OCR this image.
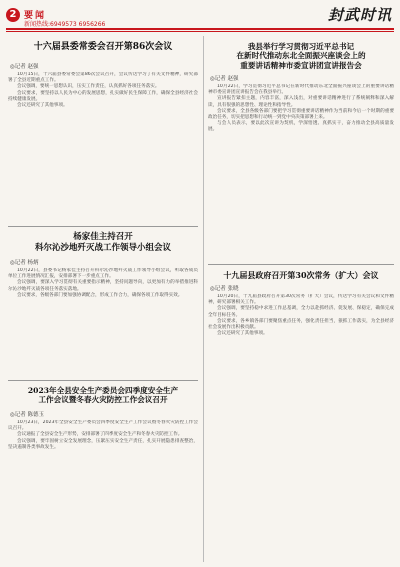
2 要闻
新闻热线:6949573 6956266
封武时讯
十六届县委常委会召开第86次会议
◎记者 赵强

10月15日，十六届县委常委会第86次会议召开，会议传达学习了有关文件精神，研究部署了全县近期重点工作。

会议强调，要统一思想认识，压实工作责任，认真抓好各项任务落实。

会议要求，要坚持以人民为中心的发展思想，扎实做好民生保障工作，确保全县经济社会持续健康发展。

会议还研究了其他事项。

杨家佳主持召开
科尔沁沙地歼灭战工作领导小组会议
◎记者 杨炳

10月22日，县委书记杨家佳主持召开科尔沁沙地歼灭战工作领导小组会议，听取各成员单位工作进展情况汇报，安排部署下一步重点工作。

会议强调，要深入学习贯彻有关重要指示精神，坚持问题导向，以更加有力的举措推进科尔沁沙地歼灭战各项任务落实落地。

会议要求，各级各部门要加强协调配合，形成工作合力，确保各项工作取得实效。

2023年全县安全生产委员会四季度安全生产
工作会议暨冬春火灾防控工作会议召开
◎记者 陈德玉

10月23日，2023年全县安全生产委员会四季度安全生产工作会议暨冬春火灾防控工作会议召开。

会议通报了全县安全生产形势，安排部署了四季度安全生产和冬春火灾防控工作。

会议强调，要牢固树立安全发展理念，压紧压实安全生产责任，扎实开展隐患排查整治，坚决遏制各类事故发生。

我县举行学习贯彻习近平总书记
在新时代推动东北全面振兴座谈会上的
重要讲话精神市委宣讲团宣讲报告会
◎记者 赵强

10月22日，学习贯彻习近平总书记在新时代推动东北全面振兴座谈会上的重要讲话精神市委宣讲团宣讲报告会在我县举行。

宣讲报告紧扣主题，内容丰富，深入浅出，对重要讲话精神进行了系统阐释和深入解读，具有很强的思想性、理论性和指导性。

会议要求，全县各级各部门要把学习贯彻重要讲话精神作为当前和今后一个时期的重要政治任务，切实把思想和行动统一到党中央决策部署上来。

与会人员表示，要以此次宣讲为契机，学深悟透、真抓实干，奋力推动全县高质量发展。

十九届县政府召开第30次常务（扩大）会议
◎记者 张晓

10月20日，十九届县政府召开第30次常务（扩大）会议，传达学习有关会议和文件精神，研究部署相关工作。

会议强调，要坚持稳中求进工作总基调，全力以赴抓经济、促发展、保稳定，确保完成全年目标任务。

会议要求，各乡镇各部门要聚焦重点任务，强化责任担当，狠抓工作落实，为全县经济社会发展作出积极贡献。

会议还研究了其他事项。
